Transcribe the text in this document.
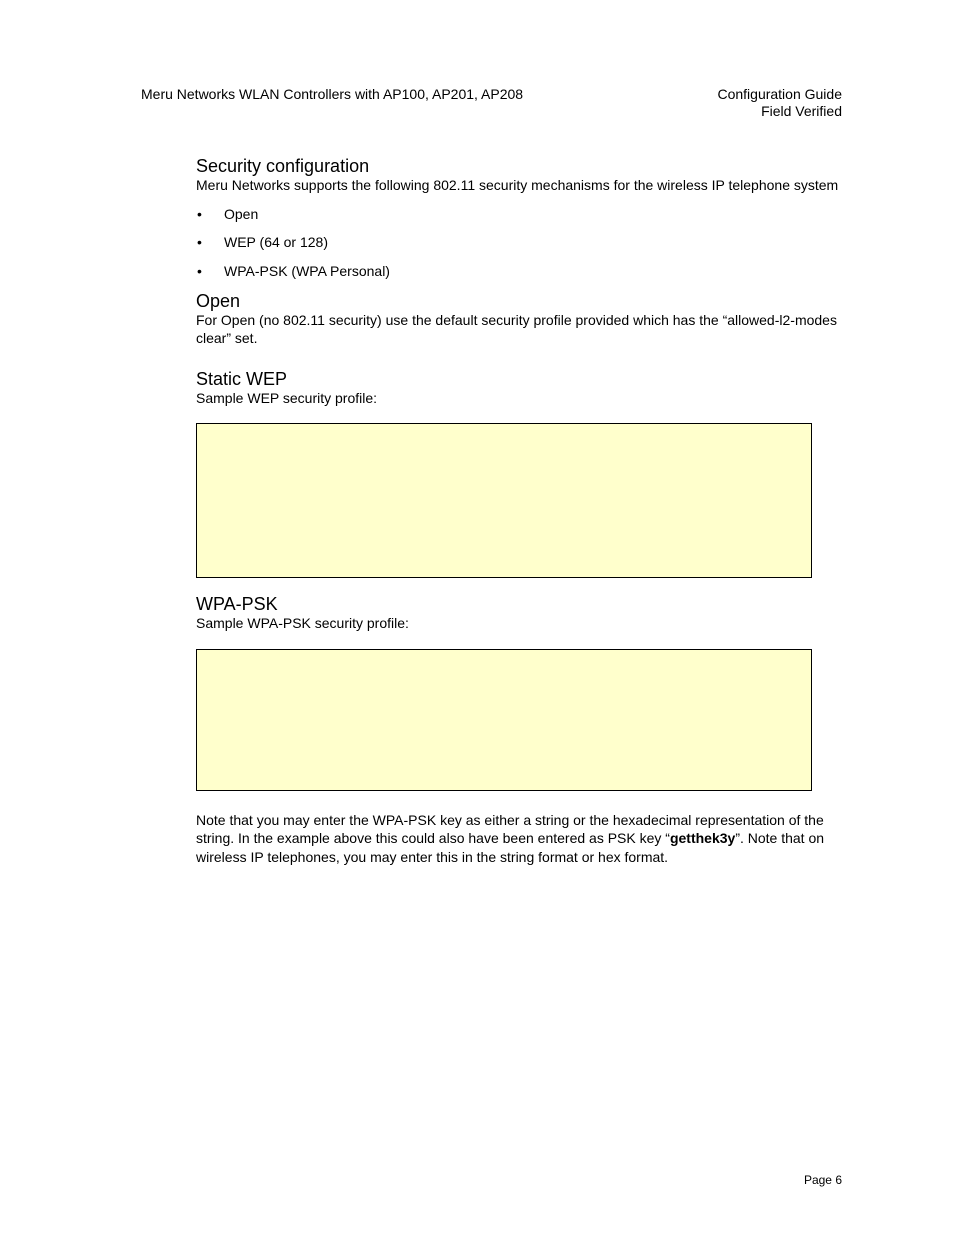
Meru Networks WLAN Controllers with AP100, AP201, AP208	Configuration Guide
Field Verified
Security configuration

Meru Networks supports the following 802.11 security mechanisms for the wireless IP telephone system

• Open
• WEP (64 or 128)
• WPA-PSK (WPA Personal)
Open

For Open (no 802.11 security) use the default security profile provided which has the “allowed-l2-modes clear” set.

Static WEP

Sample WEP security profile:

WPA-PSK

Sample WPA-PSK security profile:

Note that you may enter the WPA-PSK key as either a string or the hexadecimal representation of the string. In the example above this could also have been entered as PSK key “getthek3y”. Note that on wireless IP telephones, you may enter this in the string format or hex format.

Page 6
